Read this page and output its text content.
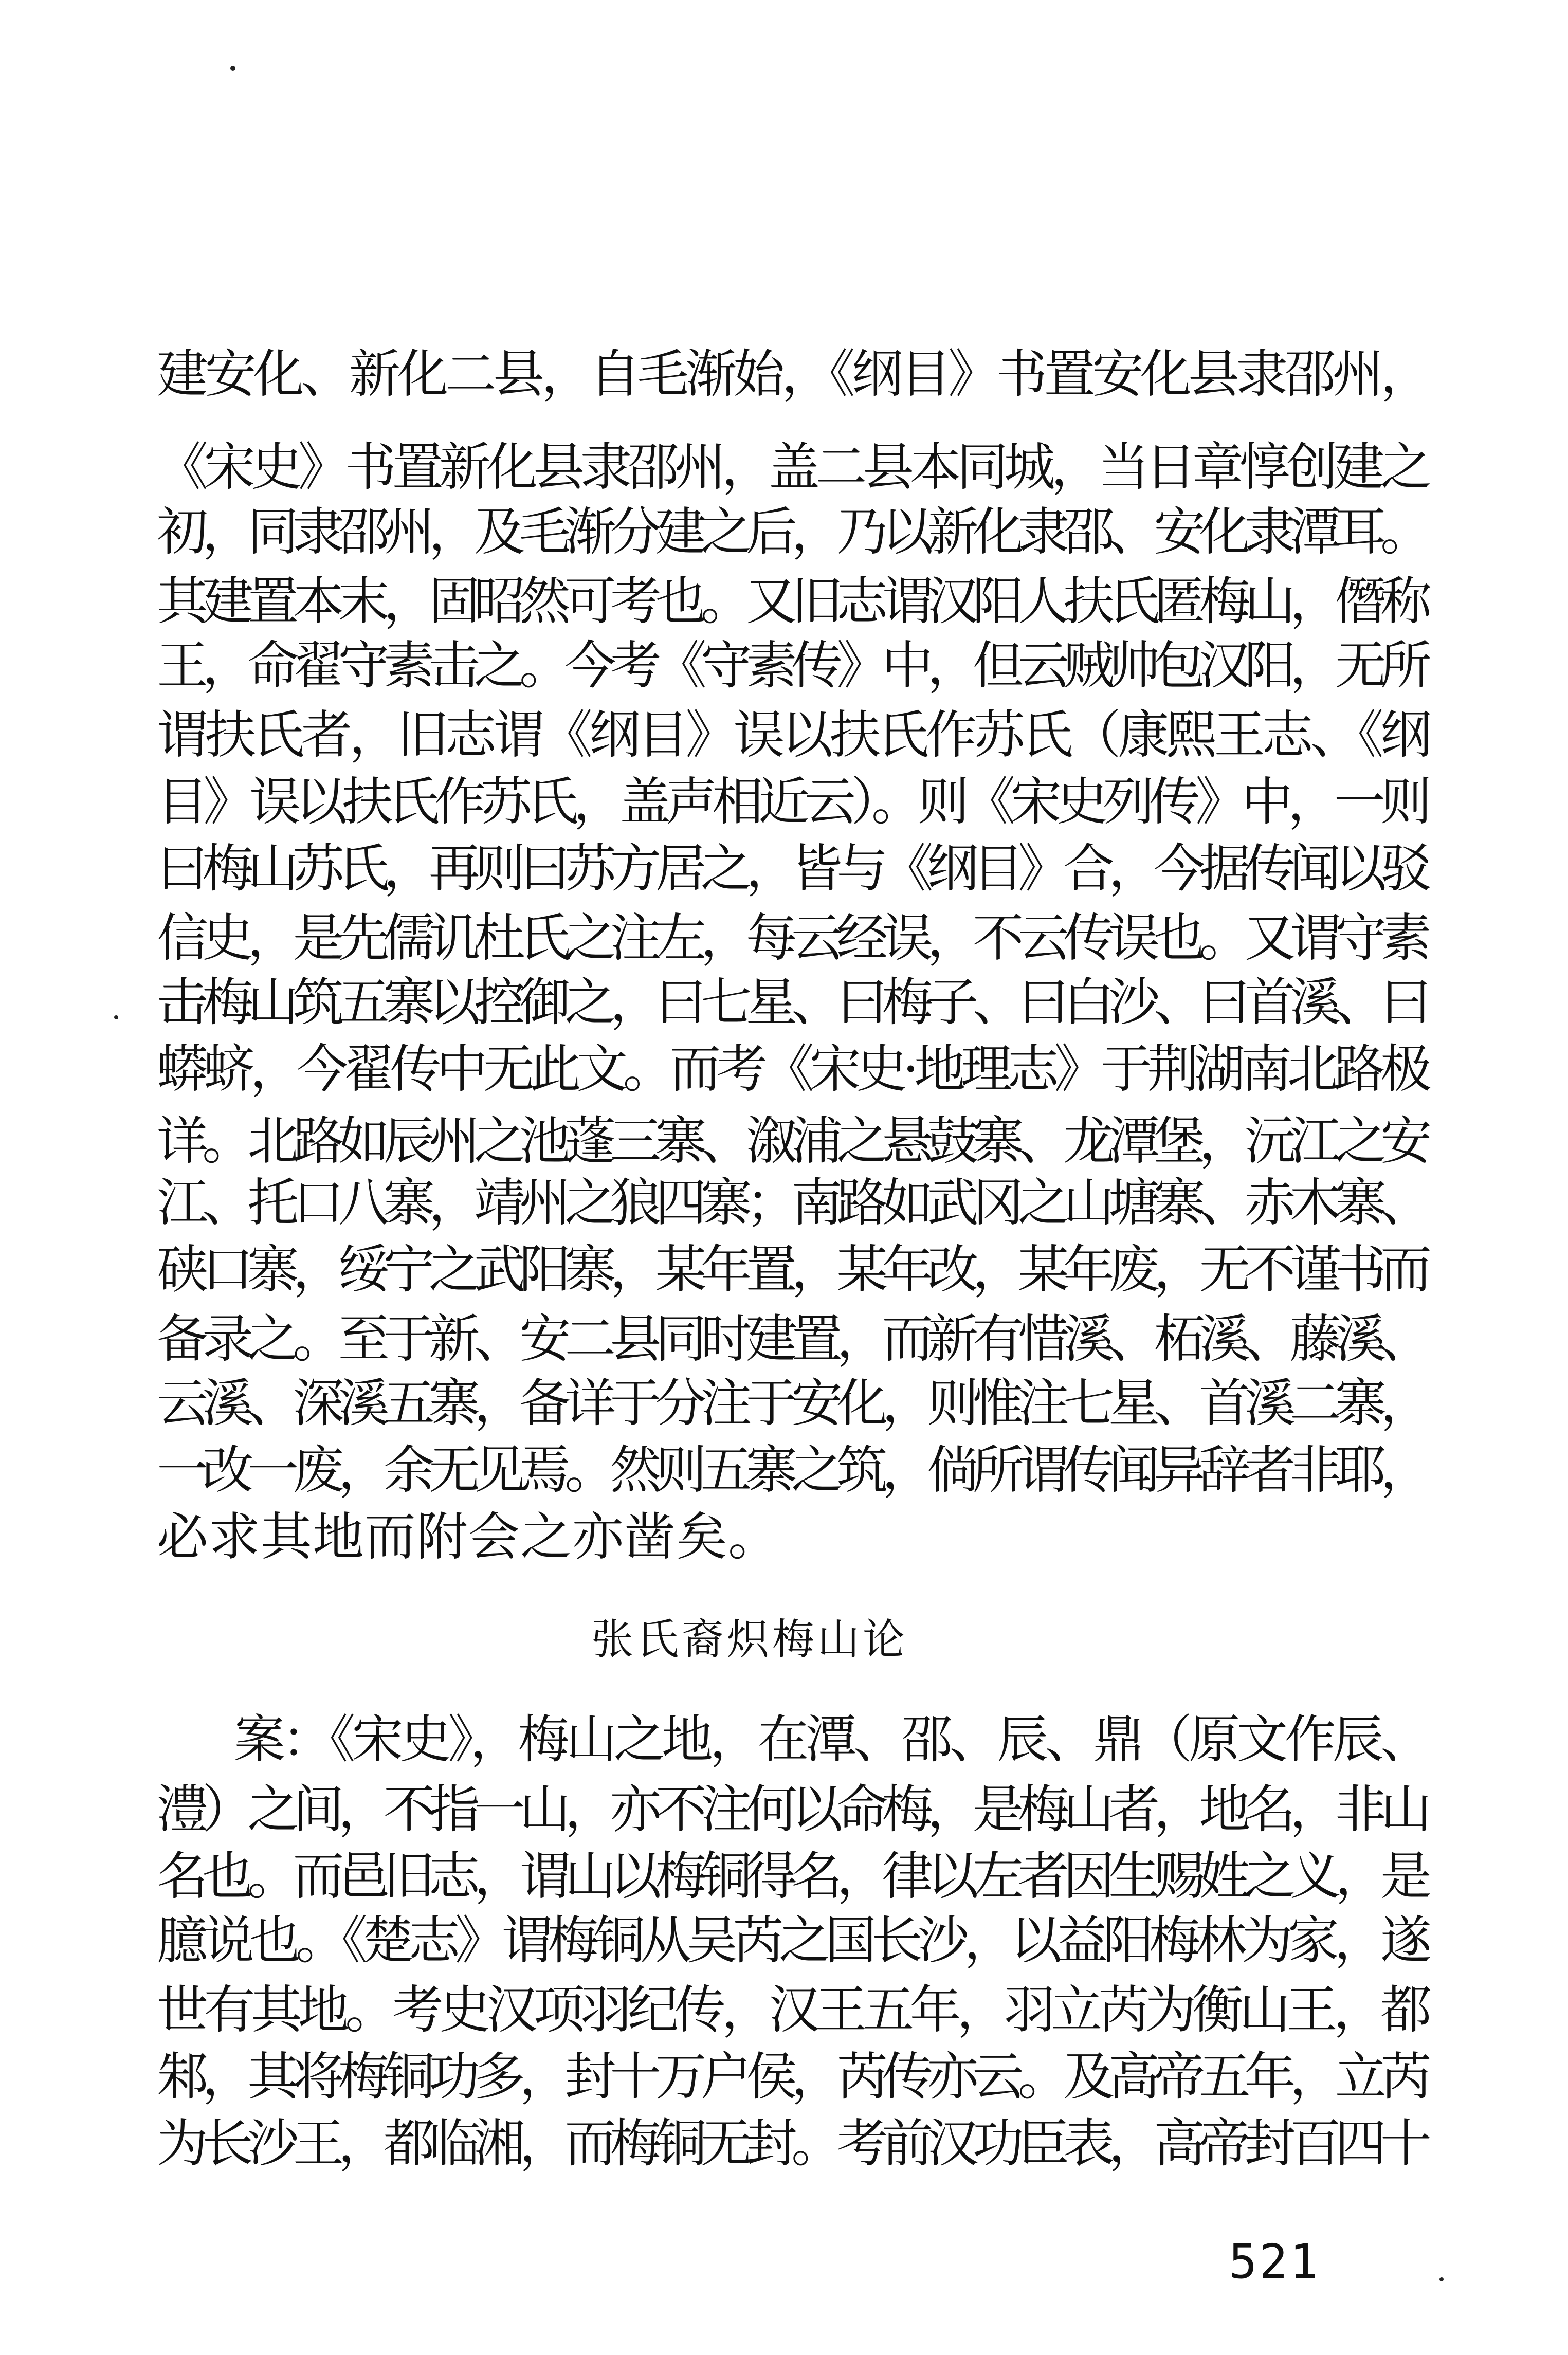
建安化、新化二县，自毛渐始，《纲目》书置安化县隶邵州，
《宋史》书置新化县隶邵州，盖二县本同城，当日章惇创建之
初，同隶邵州，及毛渐分建之后，乃以新化隶邵、安化隶潭耳。
其建置本末，固昭然可考也。又旧志谓汉阳人扶氏匿梅山，僭称
王，命翟守素击之。今考《守素传》中，但云贼帅包汉阳，无所
谓扶氏者，旧志谓《纲目》误以扶氏作苏氏（康熙王志、《纲
目》误以扶氏作苏氏，盖声相近云）。则《宋史列传》中，一则
曰梅山苏氏，再则曰苏方居之，皆与《纲目》合，今据传闻以驳
信史，是先儒讥杜氏之注左，每云经误，不云传误也。又谓守素
击梅山筑五寨以控御之，曰七星、曰梅子、曰白沙、曰首溪、曰
蟒蛴，今翟传中无此文。而考《宋史·地理志》于荆湖南北路极
详。北路如辰州之池蓬三寨、溆浦之悬鼓寨、龙潭堡，沅江之安
江、托口八寨，靖州之狼四寨；南路如武冈之山塘寨、赤木寨、
硖口寨，绥宁之武阳寨，某年置，某年改，某年废，无不谨书而
备录之。至于新、安二县同时建置，而新有惜溪、柘溪、藤溪、
云溪、深溪五寨，备详于分注于安化，则惟注七星、首溪二寨，
一改一废，余无见焉。然则五寨之筑，倘所谓传闻异辞者非耶，
必求其地而附会之亦凿矣。
张氏裔炽梅山论
案：《宋史》，梅山之地，在潭、邵、辰、鼎（原文作辰、
澧）之间，不指一山，亦不注何以命梅，是梅山者，地名，非山
名也。而邑旧志，谓山以梅铜得名，律以左者因生赐姓之义，是
臆说也。《楚志》谓梅铜从吴芮之国长沙，以益阳梅林为家，遂
世有其地。考史汉项羽纪传，汉王五年，羽立芮为衡山王，都
邾，其将梅铜功多，封十万户侯，芮传亦云。及高帝五年，立芮
为长沙王，都临湘，而梅铜无封。考前汉功臣表，高帝封百四十
521
